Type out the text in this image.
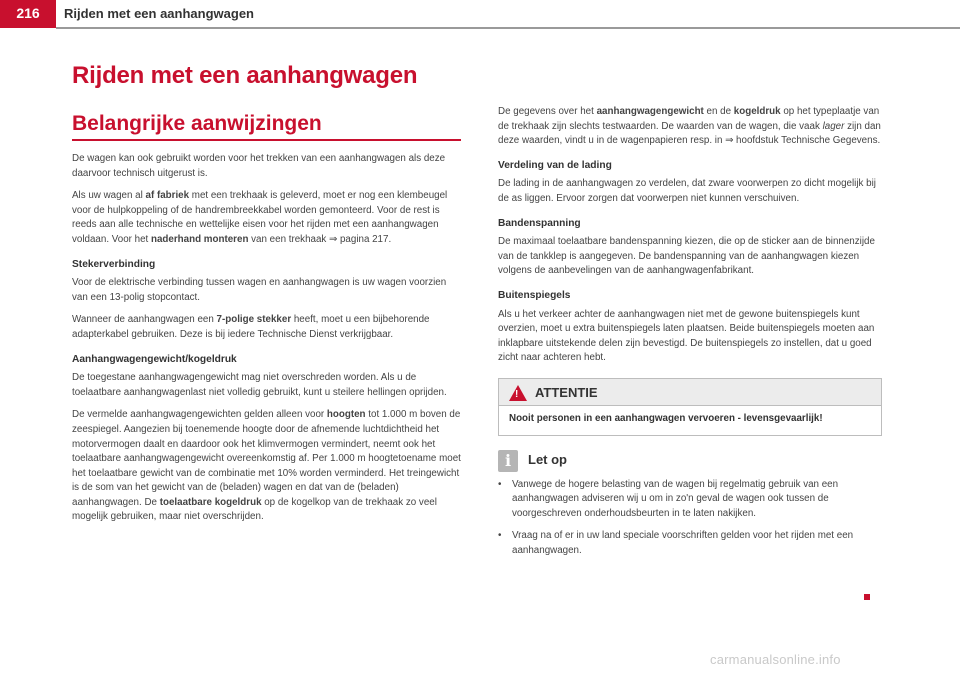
216	Rijden met een aanhangwagen
Rijden met een aanhangwagen
Belangrijke aanwijzingen

De wagen kan ook gebruikt worden voor het trekken van een aanhangwagen als deze daarvoor technisch uitgerust is.

Als uw wagen al af fabriek met een trekhaak is geleverd, moet er nog een klembeugel voor de hulpkoppeling of de handrembreekkabel worden gemonteerd. Voor de rest is reeds aan alle technische en wettelijke eisen voor het rijden met een aanhangwagen voldaan. Voor het naderhand monteren van een trekhaak ⇒ pagina 217.

Stekerverbinding

Voor de elektrische verbinding tussen wagen en aanhangwagen is uw wagen voorzien van een 13-polig stopcontact.

Wanneer de aanhangwagen een 7-polige stekker heeft, moet u een bijbehorende adapterkabel gebruiken. Deze is bij iedere Technische Dienst verkrijgbaar.

Aanhangwagengewicht/kogeldruk

De toegestane aanhangwagengewicht mag niet overschreden worden. Als u de toelaatbare aanhangwagenlast niet volledig gebruikt, kunt u steilere hellingen oprijden.

De vermelde aanhangwagengewichten gelden alleen voor hoogten tot 1.000 m boven de zeespiegel. Aangezien bij toenemende hoogte door de afnemende luchtdichtheid het motorvermogen daalt en daardoor ook het klimvermogen vermindert, neemt ook het toelaatbare aanhangwagengewicht overeenkomstig af. Per 1.000 m hoogtetoename moet het toelaatbare gewicht van de combinatie met 10% worden verminderd. Het treingewicht is de som van het gewicht van de (beladen) wagen en dat van de (beladen) aanhangwagen. De toelaatbare kogeldruk op de kogelkop van de trekhaak zo veel mogelijk gebruiken, maar niet overschrijden.

De gegevens over het aanhangwagengewicht en de kogeldruk op het typeplaatje van de trekhaak zijn slechts testwaarden. De waarden van de wagen, die vaak lager zijn dan deze waarden, vindt u in de wagenpapieren resp. in ⇒ hoofdstuk Technische Gegevens.

Verdeling van de lading

De lading in de aanhangwagen zo verdelen, dat zware voorwerpen zo dicht mogelijk bij de as liggen. Ervoor zorgen dat voorwerpen niet kunnen verschuiven.

Bandenspanning

De maximaal toelaatbare bandenspanning kiezen, die op de sticker aan de binnenzijde van de tankklep is aangegeven. De bandenspanning van de aanhangwagen kiezen volgens de aanbevelingen van de aanhangwagenfabrikant.

Buitenspiegels

Als u het verkeer achter de aanhangwagen niet met de gewone buitenspiegels kunt overzien, moet u extra buitenspiegels laten plaatsen. Beide buitenspiegels moeten aan inklapbare uitstekende delen zijn bevestigd. De buitenspiegels zo instellen, dat u goed zicht naar achteren hebt.

! ATTENTIE
Nooit personen in een aanhangwagen vervoeren - levensgevaarlijk!
i	Let op
• Vanwege de hogere belasting van de wagen bij regelmatig gebruik van een aanhangwagen adviseren wij u om in zo'n geval de wagen ook tussen de voorgeschreven onderhoudsbeurten in te laten nakijken.
• Vraag na of er in uw land speciale voorschriften gelden voor het rijden met een aanhangwagen.
carmanualsonline.info
